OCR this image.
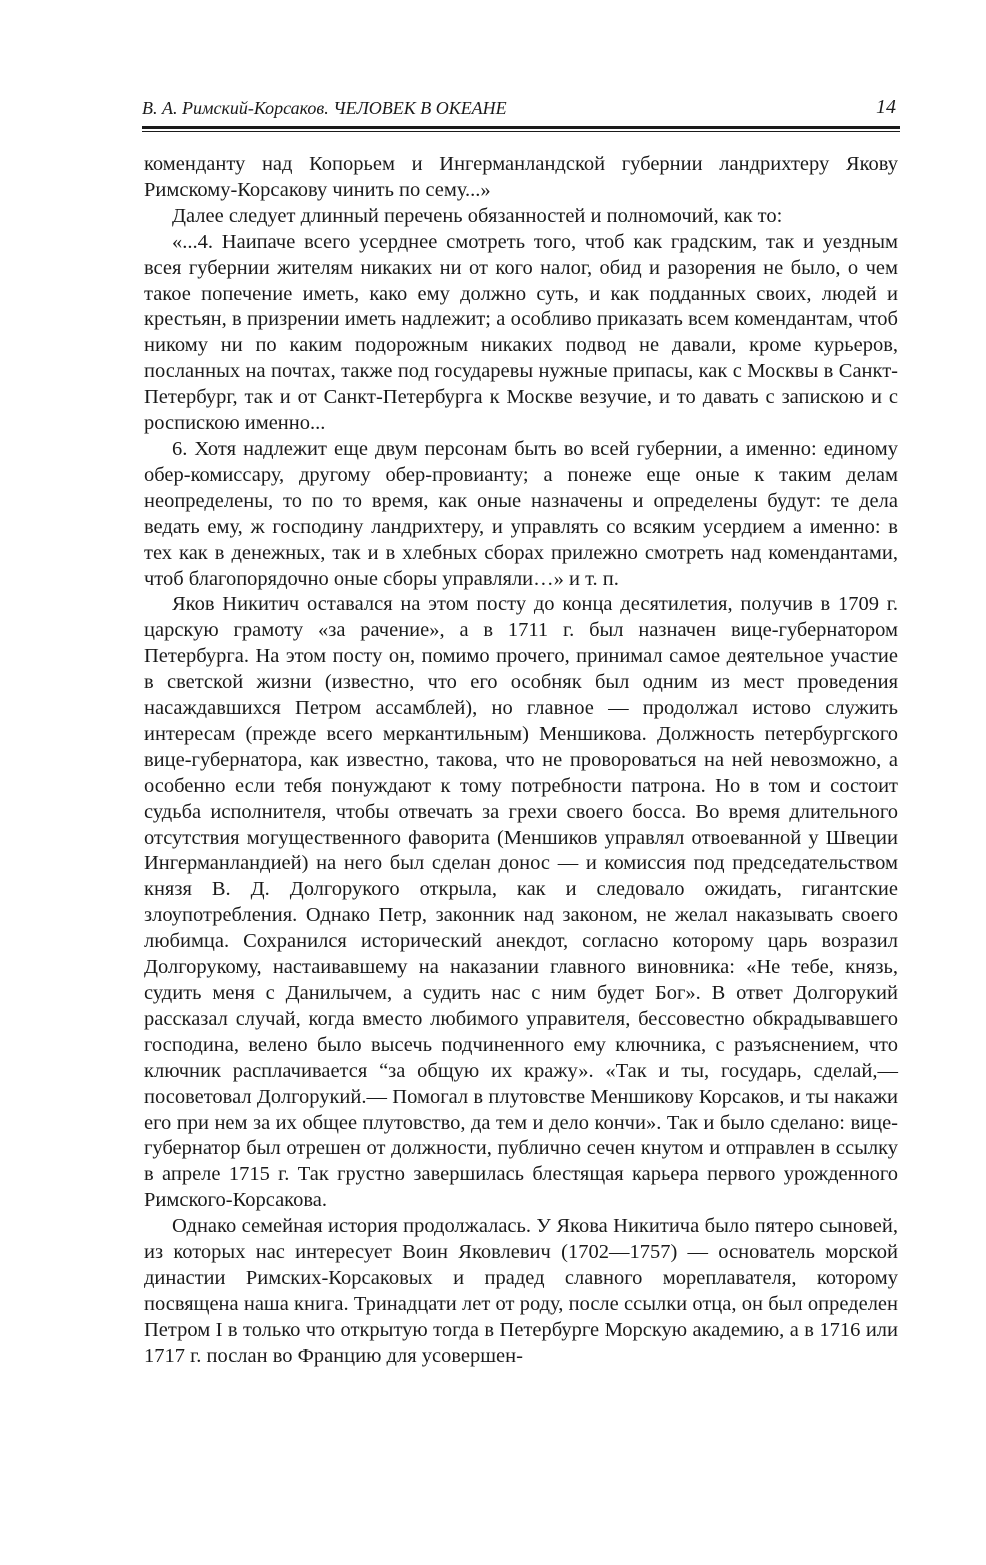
В. А. Римский-Корсаков. ЧЕЛОВЕК В ОКЕАНЕ	14

коменданту над Копорьем и Ингерманландской губернии ландрихтеру Якову Римскому-Корсакову чинить по сему...»

Далее следует длинный перечень обязанностей и полномочий, как то:

«...4. Наипаче всего усерднее смотреть того, чтоб как градским, так и уездным всея губернии жителям никаких ни от кого налог, обид и разорения не было, о чем такое попечение иметь, како ему должно суть, и как подданных своих, людей и крестьян, в призрении иметь надлежит; а особливо приказать всем комендантам, чтоб никому ни по каким подорожным никаких подвод не давали, кроме курьеров, посланных на почтах, также под государевы нужные припасы, как с Москвы в Санкт-Петербург, так и от Санкт-Петербурга к Москве везучие, и то давать с запискою и с роспискою именно...

6. Хотя надлежит еще двум персонам быть во всей губернии, а именно: единому обер-комиссару, другому обер-провианту; а понеже еще оные к таким делам неопределены, то по то время, как оные назначены и определены будут: те дела ведать ему, ж господину ландрихтеру, и управлять со всяким усердием а именно: в тех как в денежных, так и в хлебных сборах прилежно смотреть над комендантами, чтоб благопорядочно оные сборы управляли…» и т. п.

Яков Никитич оставался на этом посту до конца десятилетия, получив в 1709 г. царскую грамоту «за рачение», а в 1711 г. был назначен вице-губернатором Петербурга. На этом посту он, помимо прочего, принимал самое деятельное участие в светской жизни (известно, что его особняк был одним из мест проведения насаждавшихся Петром ассамблей), но главное — продолжал истово служить интересам (прежде всего меркантильным) Меншикова. Должность петербургского вице-губернатора, как известно, такова, что не провороваться на ней невозможно, а особенно если тебя понуждают к тому потребности патрона. Но в том и состоит судьба исполнителя, чтобы отвечать за грехи своего босса. Во время длительного отсутствия могущественного фаворита (Меншиков управлял отвоеванной у Швеции Ингерманландией) на него был сделан донос — и комиссия под председательством князя В. Д. Долгорукого открыла, как и следовало ожидать, гигантские злоупотребления. Однако Петр, законник над законом, не желал наказывать своего любимца. Сохранился исторический анекдот, согласно которому царь возразил Долгорукому, настаивавшему на наказании главного виновника: «Не тебе, князь, судить меня с Данилычем, а судить нас с ним будет Бог». В ответ Долгорукий рассказал случай, когда вместо любимого управителя, бессовестно обкрадывавшего господина, велено было высечь подчиненного ему ключника, с разъяснением, что ключник расплачивается “за общую их кражу». «Так и ты, государь, сделай,— посоветовал Долгорукий.— Помогал в плутовстве Меншикову Корсаков, и ты накажи его при нем за их общее плутовство, да тем и дело кончи». Так и было сделано: вице-губернатор был отрешен от должности, публично сечен кнутом и отправлен в ссылку в апреле 1715 г. Так грустно завершилась блестящая карьера первого урожденного Римского-Корсакова.

Однако семейная история продолжалась. У Якова Никитича было пятеро сыновей, из которых нас интересует Воин Яковлевич (1702—1757) — основатель морской династии Римских-Корсаковых и прадед славного мореплавателя, которому посвящена наша книга. Тринадцати лет от роду, после ссылки отца, он был определен Петром I в только что открытую тогда в Петербурге Морскую академию, а в 1716 или 1717 г. послан во Францию для усовершен-
